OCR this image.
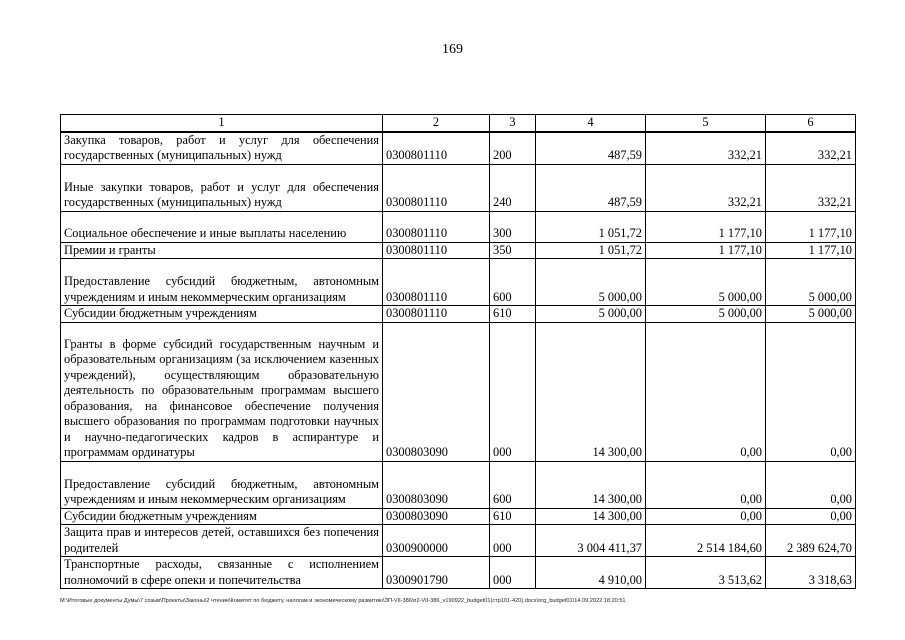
169
1	2	3	4	5	6
Закупка товаров, работ и услуг для обеспечения государственных (муниципальных) нужд	0300801110	200	487,59	332,21	332,21
Иные закупки товаров, работ и услуг для обеспечения государственных (муниципальных) нужд	0300801110	240	487,59	332,21	332,21
Социальное обеспечение и иные выплаты населению	0300801110	300	1 051,72	1 177,10	1 177,10
Премии и гранты	0300801110	350	1 051,72	1 177,10	1 177,10
Предоставление субсидий бюджетным, автономным учреждениям и иным некоммерческим организациям	0300801110	600	5 000,00	5 000,00	5 000,00
Субсидии бюджетным учреждениям	0300801110	610	5 000,00	5 000,00	5 000,00
Гранты в форме субсидий государственным научным и образовательным организациям (за исключением казенных учреждений), осуществляющим образовательную деятельность по образовательным программам высшего образования, на финансовое обеспечение получения высшего образования по программам подготовки научных и научно-педагогических кадров в аспирантуре и программам ординатуры	0300803090	000	14 300,00	0,00	0,00
Предоставление субсидий бюджетным, автономным учреждениям и иным некоммерческим организациям	0300803090	600	14 300,00	0,00	0,00
Субсидии бюджетным учреждениям	0300803090	610	14 300,00	0,00	0,00
Защита прав и интересов детей, оставшихся без попечения родителей	0300900000	000	3 004 411,37	2 514 184,60	2 389 624,70
Транспортные расходы, связанные с исполнением полномочий в сфере опеки и попечительства	0300901790	000	4 910,00	3 513,62	3 318,63
M:\Итоговые документы Думы\7 созыв\Проекты\Законы\2 чтение\Комитет по бюджету, налогам и экономическому развитию\ЗП-VII-386\п2-VII-386_v190922_budget01(стр101-420).docx\org_budget01\14.09.2022 18:20:51
